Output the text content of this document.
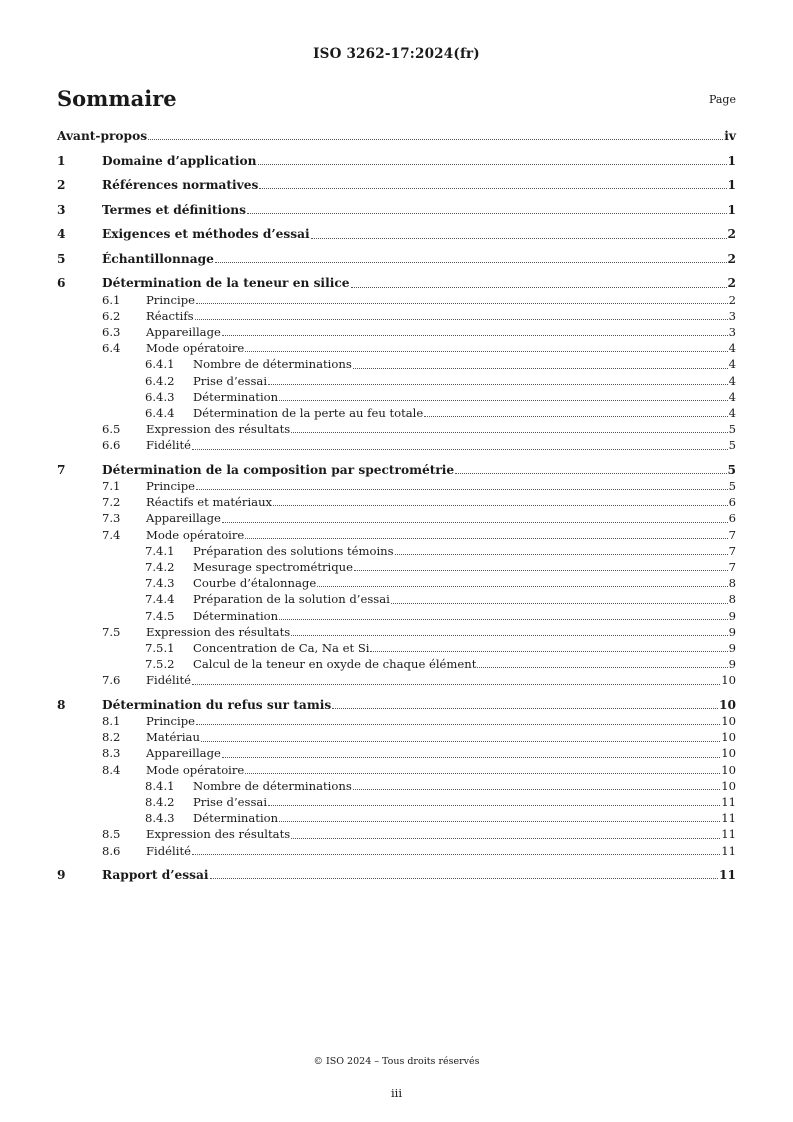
ISO 3262-17:2024(fr)
Sommaire	Page
Avant-propos	iv
1	Domaine d’application	1
2	Références normatives	1
3	Termes et définitions	1
4	Exigences et méthodes d’essai	2
5	Échantillonnage	2
6	Détermination de la teneur en silice	2
6.1	Principe	2
6.2	Réactifs	3
6.3	Appareillage	3
6.4	Mode opératoire	4
6.4.1	Nombre de déterminations	4
6.4.2	Prise d’essai	4
6.4.3	Détermination	4
6.4.4	Détermination de la perte au feu totale	4
6.5	Expression des résultats	5
6.6	Fidélité	5
7	Détermination de la composition par spectrométrie	5
7.1	Principe	5
7.2	Réactifs et matériaux	6
7.3	Appareillage	6
7.4	Mode opératoire	7
7.4.1	Préparation des solutions témoins	7
7.4.2	Mesurage spectrométrique	7
7.4.3	Courbe d’étalonnage	8
7.4.4	Préparation de la solution d’essai	8
7.4.5	Détermination	9
7.5	Expression des résultats	9
7.5.1	Concentration de Ca, Na et Si	9
7.5.2	Calcul de la teneur en oxyde de chaque élément	9
7.6	Fidélité	10
8	Détermination du refus sur tamis	10
8.1	Principe	10
8.2	Matériau	10
8.3	Appareillage	10
8.4	Mode opératoire	10
8.4.1	Nombre de déterminations	10
8.4.2	Prise d’essai	11
8.4.3	Détermination	11
8.5	Expression des résultats	11
8.6	Fidélité	11
9	Rapport d’essai	11
© ISO 2024 – Tous droits réservés
iii
